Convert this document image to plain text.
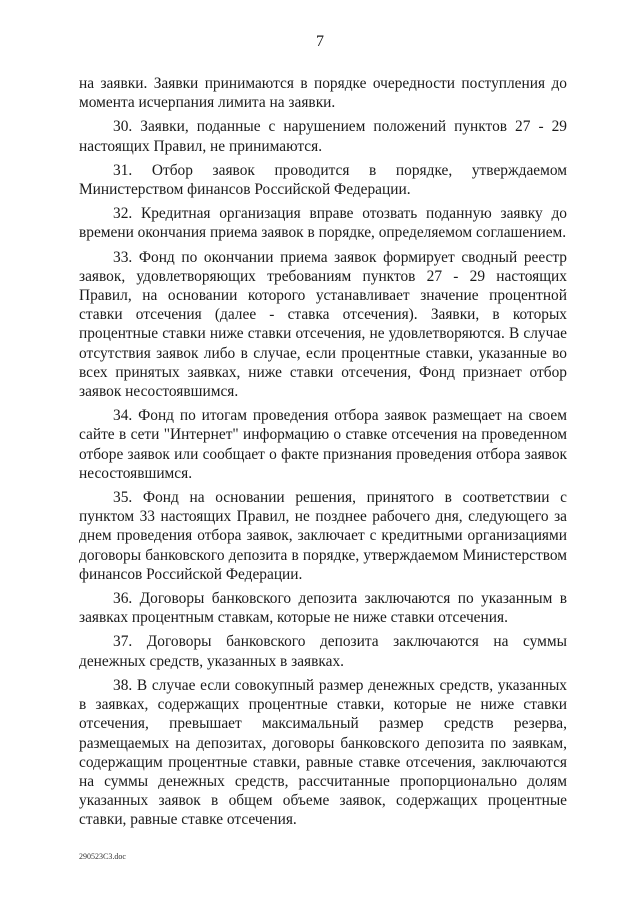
7

на заявки. Заявки принимаются в порядке очередности поступления до момента исчерпания лимита на заявки.

30. Заявки, поданные с нарушением положений пунктов 27 - 29 настоящих Правил, не принимаются.

31. Отбор заявок проводится в порядке, утверждаемом Министерством финансов Российской Федерации.

32. Кредитная организация вправе отозвать поданную заявку до времени окончания приема заявок в порядке, определяемом соглашением.

33. Фонд по окончании приема заявок формирует сводный реестр заявок, удовлетворяющих требованиям пунктов 27 - 29 настоящих Правил, на основании которого устанавливает значение процентной ставки отсечения (далее - ставка отсечения). Заявки, в которых процентные ставки ниже ставки отсечения, не удовлетворяются. В случае отсутствия заявок либо в случае, если процентные ставки, указанные во всех принятых заявках, ниже ставки отсечения, Фонд признает отбор заявок несостоявшимся.

34. Фонд по итогам проведения отбора заявок размещает на своем сайте в сети "Интернет" информацию о ставке отсечения на проведенном отборе заявок или сообщает о факте признания проведения отбора заявок несостоявшимся.

35. Фонд на основании решения, принятого в соответствии с пунктом 33 настоящих Правил, не позднее рабочего дня, следующего за днем проведения отбора заявок, заключает с кредитными организациями договоры банковского депозита в порядке, утверждаемом Министерством финансов Российской Федерации.

36. Договоры банковского депозита заключаются по указанным в заявках процентным ставкам, которые не ниже ставки отсечения.

37. Договоры банковского депозита заключаются на суммы денежных средств, указанных в заявках.

38. В случае если совокупный размер денежных средств, указанных в заявках, содержащих процентные ставки, которые не ниже ставки отсечения, превышает максимальный размер средств резерва, размещаемых на депозитах, договоры банковского депозита по заявкам, содержащим процентные ставки, равные ставке отсечения, заключаются на суммы денежных средств, рассчитанные пропорционально долям указанных заявок в общем объеме заявок, содержащих процентные ставки, равные ставке отсечения.

290523C3.doc
